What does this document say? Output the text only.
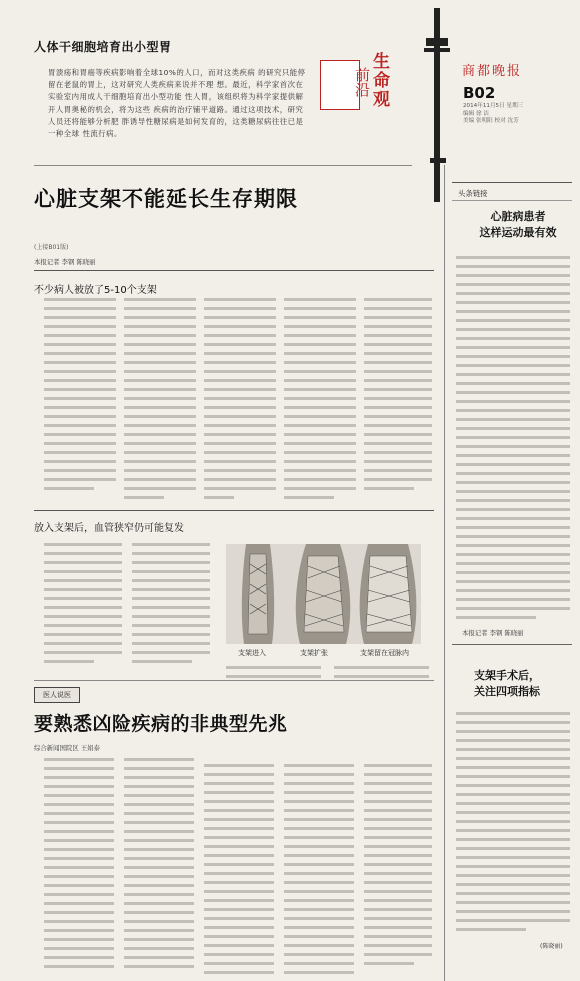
人体干细胞培育出小型胃
胃溃疡和胃癌等疾病影响着全球10%的人口，而对这类疾病 的研究只能停留在老鼠的胃上，这对研究人类疾病来说并不理 想。最近，科学家首次在实验室内用成人干细胞培育出小型功能 性人胃，该组织将为科学家提供解开人胃奥秘的机会，将为这些 疾病的治疗铺平道路。通过这项技术，研究人员还将能够分析肥 胖诱导性糖尿病是如何发育的，这类糖尿病往往已是一种全球 性流行病。
前沿
生命观	商都晚报
B02
2014年11月5日 星期三
编辑 徐 洁
美编 张明阳 校对 沈芳
心脏支架不能延长生存期限
(上接B01版)
本报记者 李钢 陈晓丽
不少病人被放了5-10个支架
放入支架后，血管狭窄仍可能复发
支架进入	支架扩张	支架留在冠脉内
医人说医
要熟悉凶险疾病的非典型先兆
综合新闻国院区 王娟泰
头条链接
心脏病患者
这样运动最有效
本报记者 李钢 陈晓丽
支架手术后，
关注四项指标
(陈晓丽)
